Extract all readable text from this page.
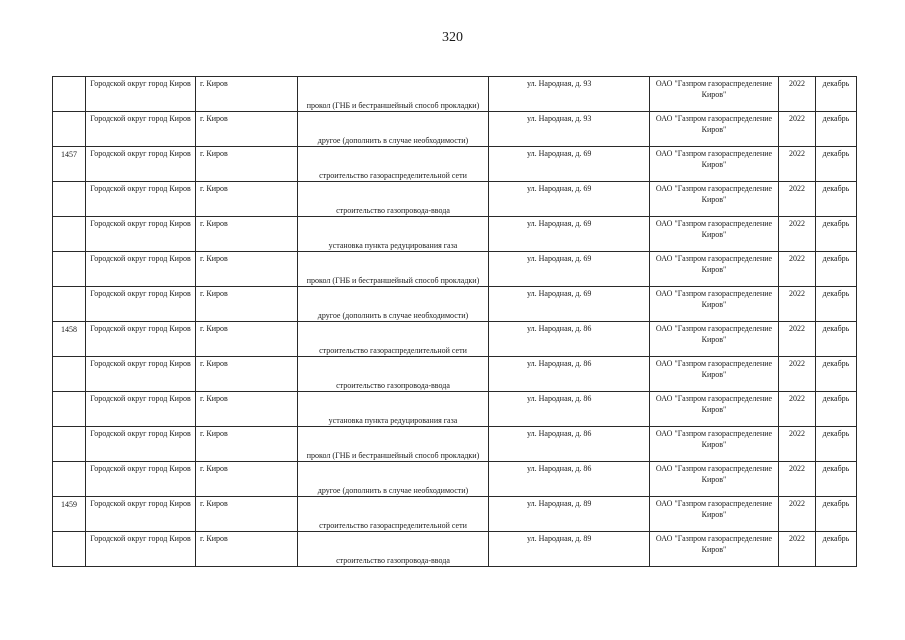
320
	Городской округ город Киров	г. Киров	прокол (ГНБ и бестраншейный способ прокладки)	ул. Народная, д. 93	ОАО "Газпром газораспределение Киров"	2022	декабрь
	Городской округ город Киров	г. Киров	другое (дополнить в случае необходимости)	ул. Народная, д. 93	ОАО "Газпром газораспределение Киров"	2022	декабрь
1457	Городской округ город Киров	г. Киров	строительство газораспределительной сети	ул. Народная, д. 69	ОАО "Газпром газораспределение Киров"	2022	декабрь
	Городской округ город Киров	г. Киров	строительство газопровода-ввода	ул. Народная, д. 69	ОАО "Газпром газораспределение Киров"	2022	декабрь
	Городской округ город Киров	г. Киров	установка пункта редуцирования газа	ул. Народная, д. 69	ОАО "Газпром газораспределение Киров"	2022	декабрь
	Городской округ город Киров	г. Киров	прокол (ГНБ и бестраншейный способ прокладки)	ул. Народная, д. 69	ОАО "Газпром газораспределение Киров"	2022	декабрь
	Городской округ город Киров	г. Киров	другое (дополнить в случае необходимости)	ул. Народная, д. 69	ОАО "Газпром газораспределение Киров"	2022	декабрь
1458	Городской округ город Киров	г. Киров	строительство газораспределительной сети	ул. Народная, д. 86	ОАО "Газпром газораспределение Киров"	2022	декабрь
	Городской округ город Киров	г. Киров	строительство газопровода-ввода	ул. Народная, д. 86	ОАО "Газпром газораспределение Киров"	2022	декабрь
	Городской округ город Киров	г. Киров	установка пункта редуцирования газа	ул. Народная, д. 86	ОАО "Газпром газораспределение Киров"	2022	декабрь
	Городской округ город Киров	г. Киров	прокол (ГНБ и бестраншейный способ прокладки)	ул. Народная, д. 86	ОАО "Газпром газораспределение Киров"	2022	декабрь
	Городской округ город Киров	г. Киров	другое (дополнить в случае необходимости)	ул. Народная, д. 86	ОАО "Газпром газораспределение Киров"	2022	декабрь
1459	Городской округ город Киров	г. Киров	строительство газораспределительной сети	ул. Народная, д. 89	ОАО "Газпром газораспределение Киров"	2022	декабрь
	Городской округ город Киров	г. Киров	строительство газопровода-ввода	ул. Народная, д. 89	ОАО "Газпром газораспределение Киров"	2022	декабрь
